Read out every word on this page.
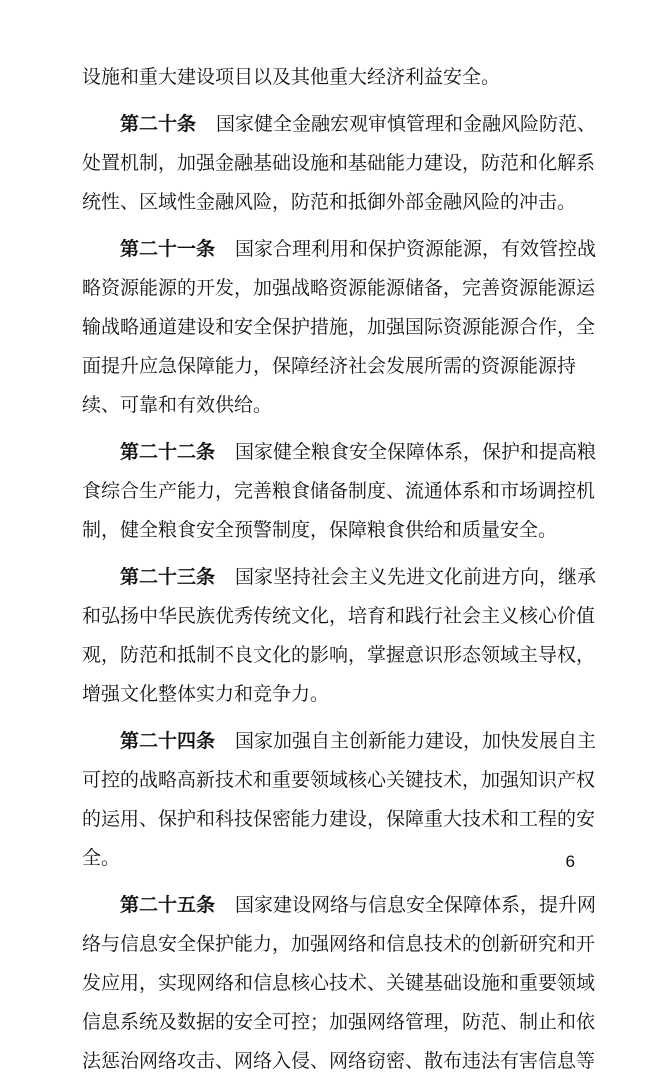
设施和重大建设项目以及其他重大经济利益安全。
第二十条 国家健全金融宏观审慎管理和金融风险防范、
处置机制，加强金融基础设施和基础能力建设，防范和化解系
统性、区域性金融风险，防范和抵御外部金融风险的冲击。
第二十一条 国家合理利用和保护资源能源，有效管控战
略资源能源的开发，加强战略资源能源储备，完善资源能源运
输战略通道建设和安全保护措施，加强国际资源能源合作，全
面提升应急保障能力，保障经济社会发展所需的资源能源持
续、可靠和有效供给。
第二十二条 国家健全粮食安全保障体系，保护和提高粮
食综合生产能力，完善粮食储备制度、流通体系和市场调控机
制，健全粮食安全预警制度，保障粮食供给和质量安全。
第二十三条 国家坚持社会主义先进文化前进方向，继承
和弘扬中华民族优秀传统文化，培育和践行社会主义核心价值
观，防范和抵制不良文化的影响，掌握意识形态领域主导权，
增强文化整体实力和竞争力。
第二十四条 国家加强自主创新能力建设，加快发展自主
可控的战略高新技术和重要领域核心关键技术，加强知识产权
的运用、保护和科技保密能力建设，保障重大技术和工程的安
全。
第二十五条 国家建设网络与信息安全保障体系，提升网
络与信息安全保护能力，加强网络和信息技术的创新研究和开
发应用，实现网络和信息核心技术、关键基础设施和重要领域
信息系统及数据的安全可控；加强网络管理，防范、制止和依
法惩治网络攻击、网络入侵、网络窃密、散布违法有害信息等
6
